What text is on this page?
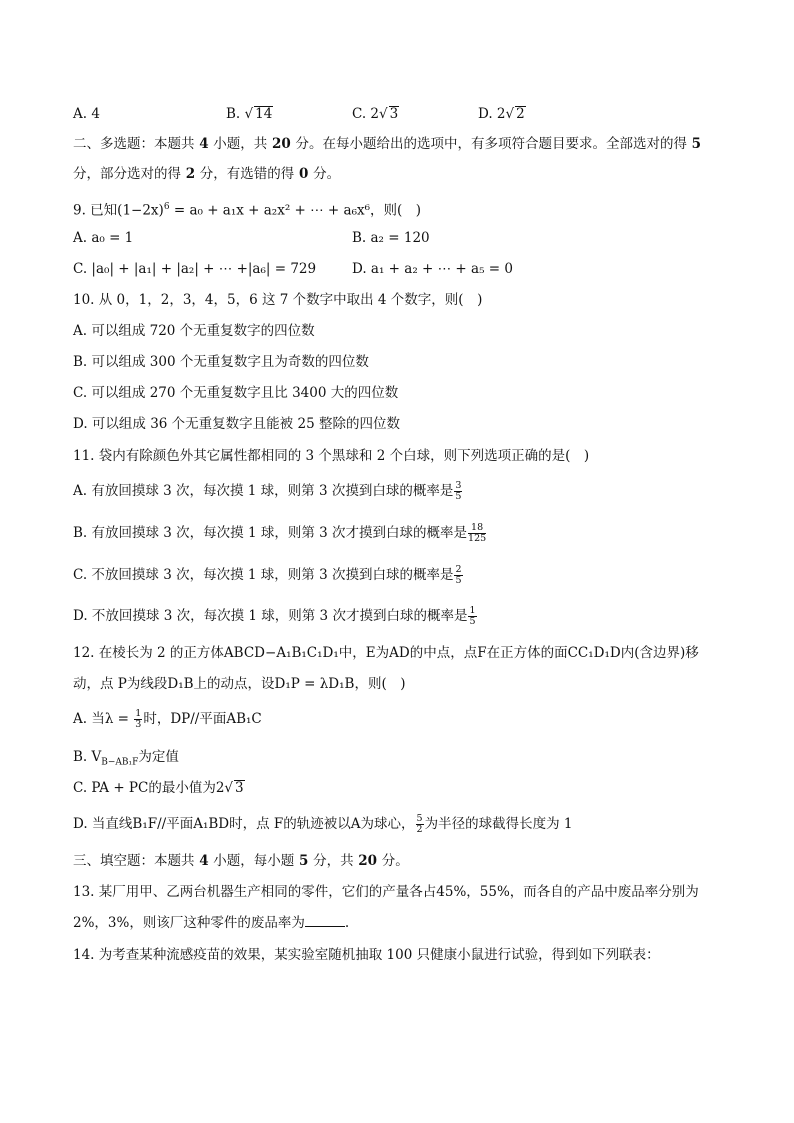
A. 4	B. √ 14	C. 2√ 3	D. 2√ 2
二、多选题：本题共 4 小题，共 20 分。在每小题给出的选项中，有多项符合题目要求。全部选对的得 5
分，部分选对的得 2 分，有选错的得 0 分。
9. 已知$(1-2x)^6 = a_0 + a_1x + a_2x^2$ + ⋯ + a₆x⁶，则(　)
A. a₀ = 1	B. a₂ = 120
C. |a₀| + |a₁| + |a₂| + ⋯ +|a₆| = 729	D. a₁ + a₂ + ⋯ + a₅ = 0
10. 从 0，1，2，3，4，5，6 这 7 个数字中取出 4 个数字，则(　)
A. 可以组成 720 个无重复数字的四位数
B. 可以组成 300 个无重复数字且为奇数的四位数
C. 可以组成 270 个无重复数字且比 3400 大的四位数
D. 可以组成 36 个无重复数字且能被 25 整除的四位数
11. 袋内有除颜色外其它属性都相同的 3 个黑球和 2 个白球，则下列选项正确的是(　)
A. 有放回摸球 3 次，每次摸 1 球，则第 3 次摸到白球的概率是 $\frac{3}{5}$
B. 有放回摸球 3 次，每次摸 1 球，则第 3 次才摸到白球的概率是 $\frac{18}{125}$
C. 不放回摸球 3 次，每次摸 1 球，则第 3 次摸到白球的概率是 $\frac{2}{5}$
D. 不放回摸球 3 次，每次摸 1 球，则第 3 次才摸到白球的概率是 $\frac{1}{5}$
12. 在棱长为 2 的正方体ABCD−A₁B₁C₁D₁中，E为AD的中点，点F在正方体的面CC₁D₁D内(含边界)移
动，点 P为线段D₁B上的动点，设D₁P = λD₁B，则(　)
A. 当$\lambda = \frac{1}{3}$ 时，DP//平面AB₁C
B. $V_{B-AB_1F}$为定值
C. PA + PC的最小值为2√ 3
D. 当直线B₁F//平面A₁BD时，点 F的轨迹被以A为球心， $\frac{5}{2}$ 为半径的球截得长度为 1
三、填空题：本题共 4 小题，每小题 5 分，共 20 分。
13. 某厂用甲、乙两台机器生产相同的零件，它们的产量各占45%，55%，而各自的产品中废品率分别为
2%，3%，则该厂这种零件的废品率为	.
14. 为考查某种流感疫苗的效果，某实验室随机抽取 100 只健康小鼠进行试验，得到如下列联表：
